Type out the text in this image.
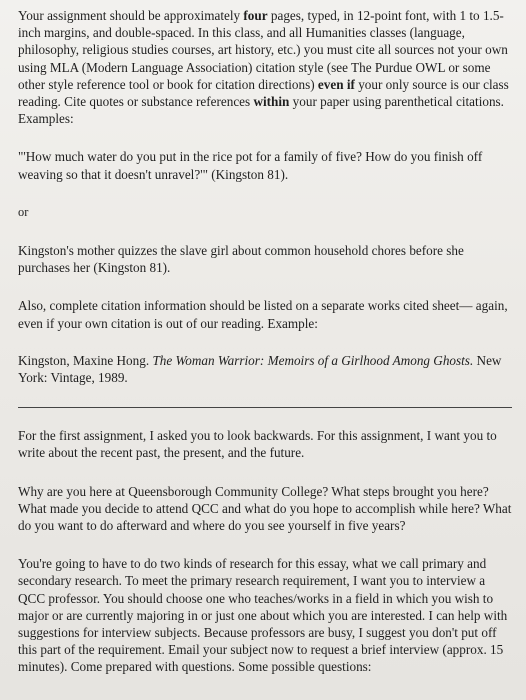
Your assignment should be approximately four pages, typed, in 12-point font, with 1 to 1.5-inch margins, and double-spaced. In this class, and all Humanities classes (language, philosophy, religious studies courses, art history, etc.) you must cite all sources not your own using MLA (Modern Language Association) citation style (see The Purdue OWL or some other style reference tool or book for citation directions) even if your only source is our class reading. Cite quotes or substance references within your paper using parenthetical citations. Examples:

"'How much water do you put in the rice pot for a family of five? How do you finish off weaving so that it doesn't unravel?'" (Kingston 81).

or

Kingston's mother quizzes the slave girl about common household chores before she purchases her (Kingston 81).

Also, complete citation information should be listed on a separate works cited sheet— again, even if your own citation is out of our reading. Example:

Kingston, Maxine Hong. The Woman Warrior: Memoirs of a Girlhood Among Ghosts. New York: Vintage, 1989.

For the first assignment, I asked you to look backwards. For this assignment, I want you to write about the recent past, the present, and the future.

Why are you here at Queensborough Community College? What steps brought you here? What made you decide to attend QCC and what do you hope to accomplish while here? What do you want to do afterward and where do you see yourself in five years?

You're going to have to do two kinds of research for this essay, what we call primary and secondary research. To meet the primary research requirement, I want you to interview a QCC professor. You should choose one who teaches/works in a field in which you wish to major or are currently majoring in or just one about which you are interested. I can help with suggestions for interview subjects. Because professors are busy, I suggest you don't put off this part of the requirement. Email your subject now to request a brief interview (approx. 15 minutes). Come prepared with questions. Some possible questions:
